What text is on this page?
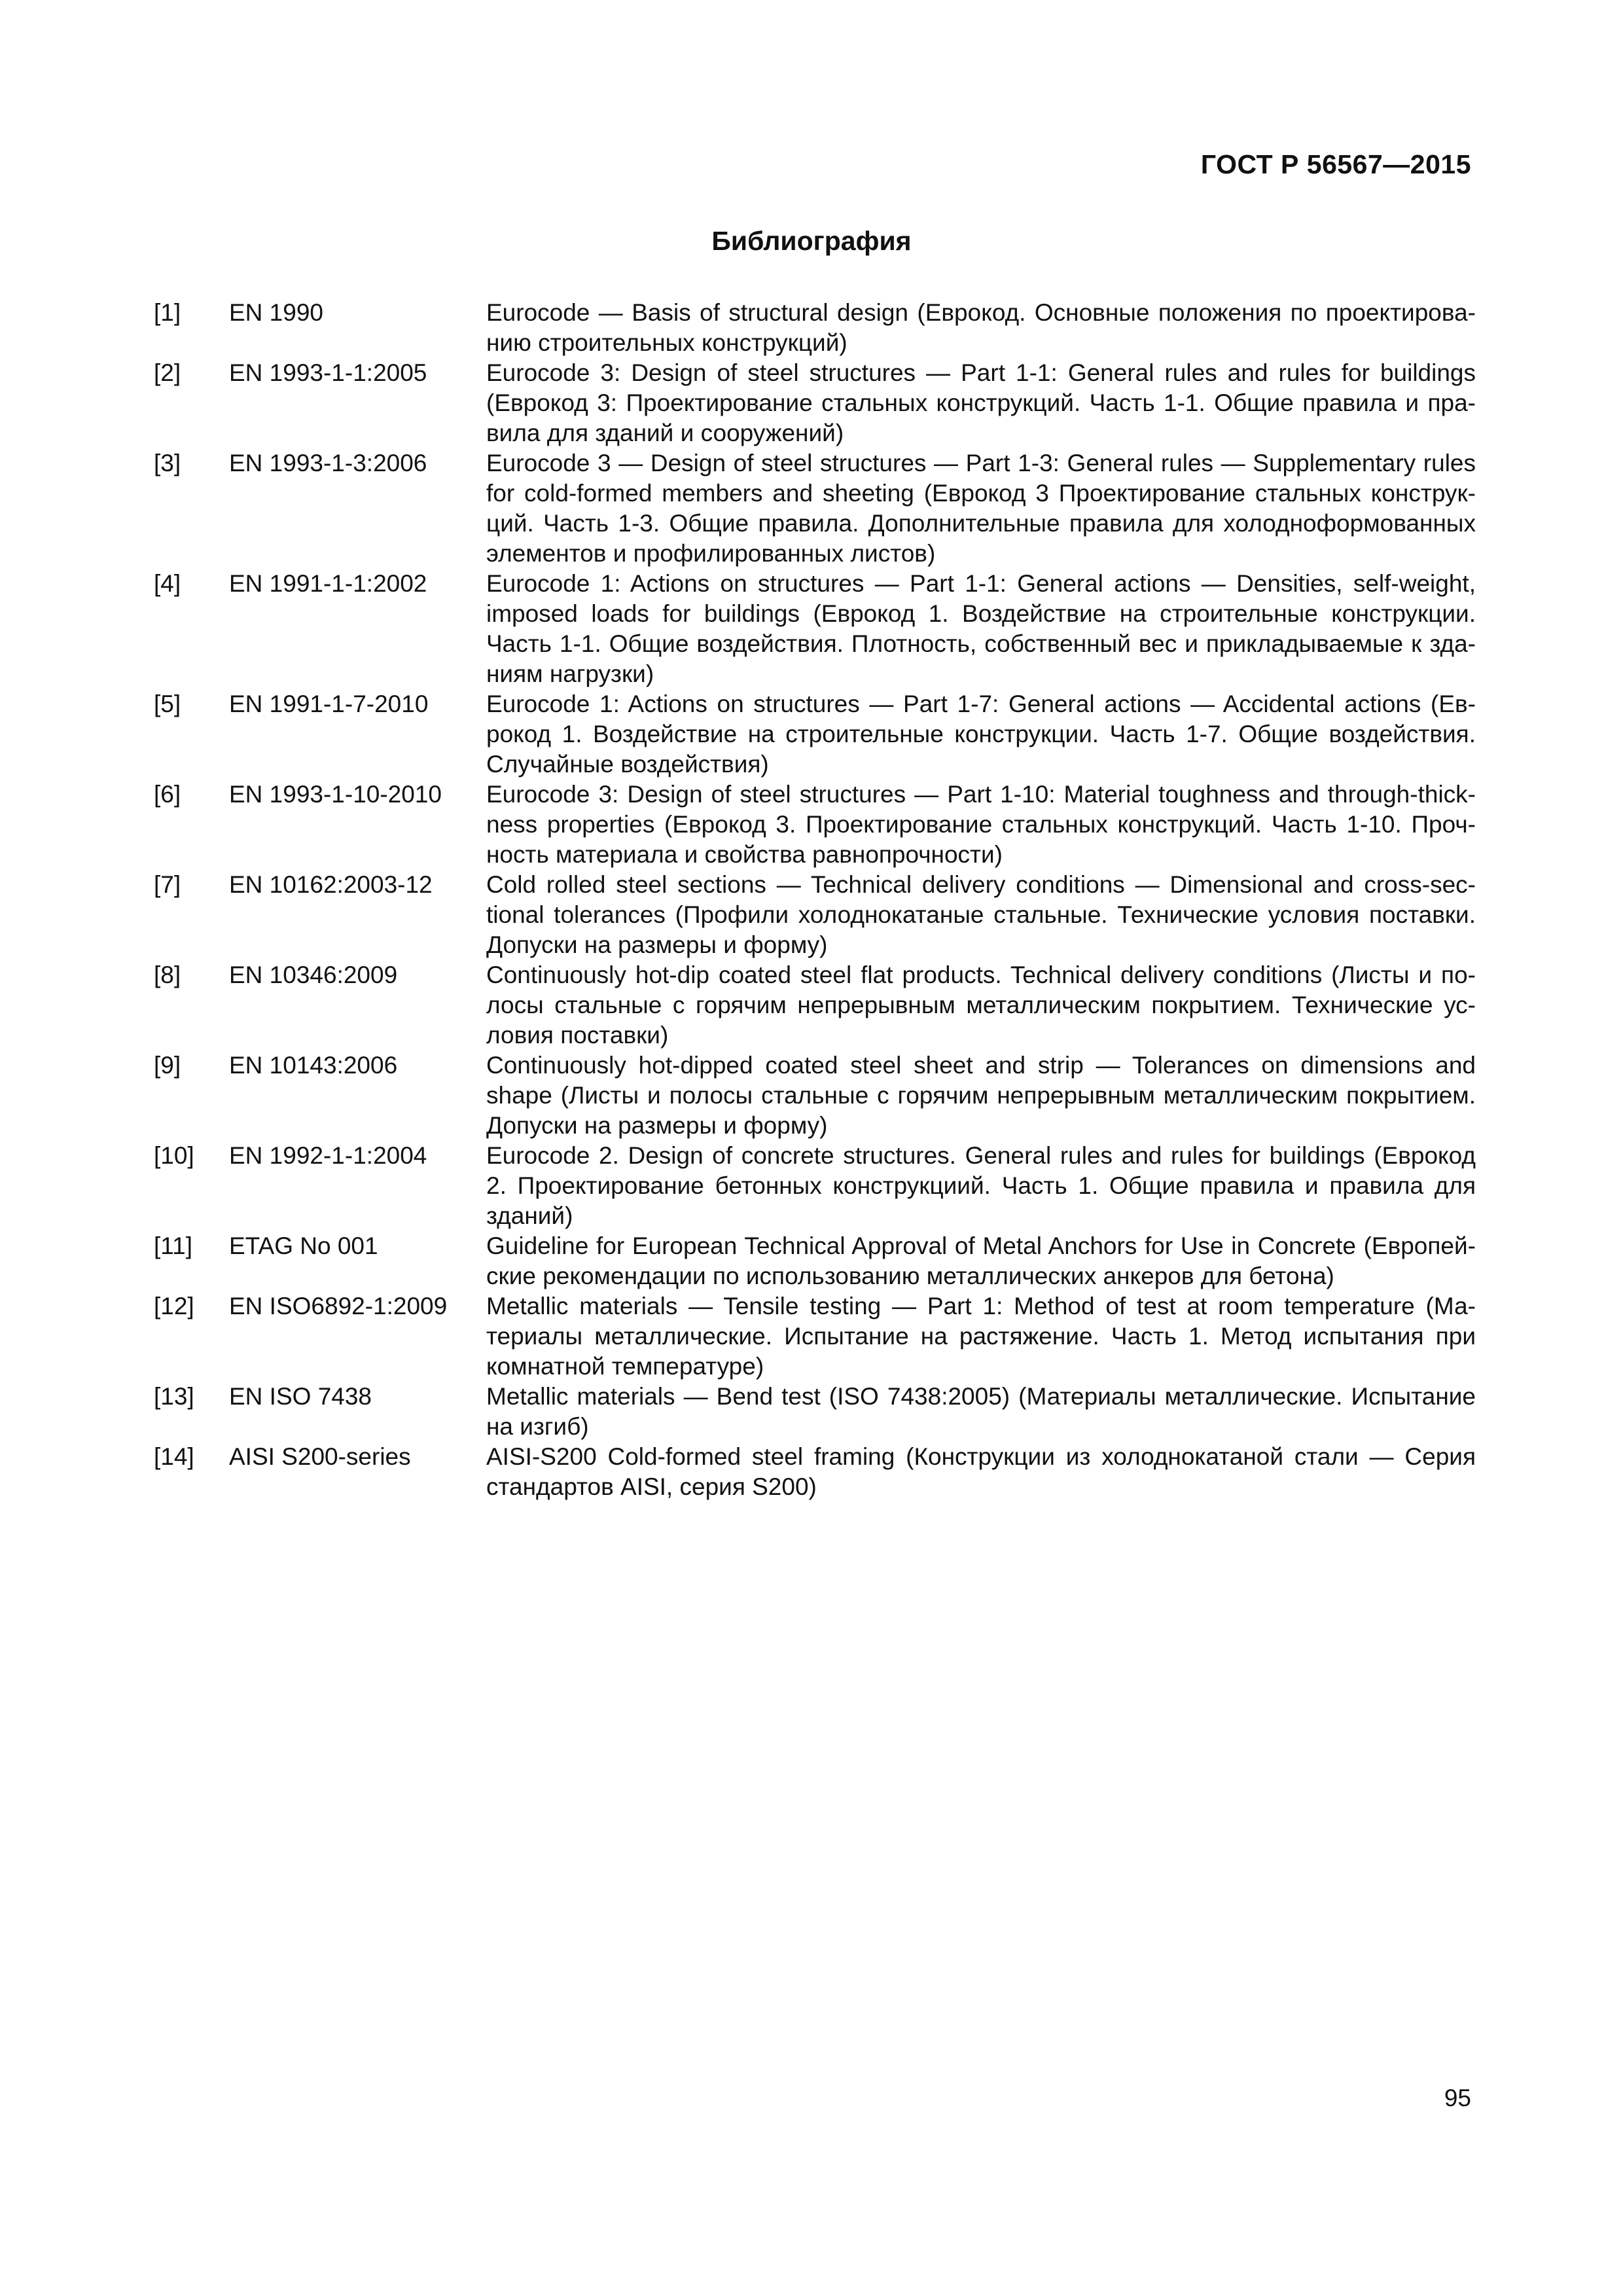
ГОСТ Р 56567—2015
Библиография
[1]	EN 1990	Eurocode — Basis of structural design (Еврокод. Основные положения по проектированию строительных конструкций)
[2]	EN 1993-1-1:2005	Eurocode 3: Design of steel structures — Part 1-1: General rules and rules for buildings (Еврокод 3: Проектирование стальных конструкций. Часть 1-1. Общие правила и правила для зданий и сооружений)
[3]	EN 1993-1-3:2006	Eurocode 3 — Design of steel structures — Part 1-3: General rules — Supplementary rules for cold-formed members and sheeting (Еврокод 3 Проектирование стальных конструкций. Часть 1-3. Общие правила. Дополнительные правила для холодноформованных элементов и профилированных листов)
[4]	EN 1991-1-1:2002	Eurocode 1: Actions on structures — Part 1-1: General actions — Densities, self-weight, imposed loads for buildings (Еврокод 1. Воздействие на строительные конструкции. Часть 1-1. Общие воздействия. Плотность, собственный вес и прикладываемые к зданиям нагрузки)
[5]	EN 1991-1-7-2010	Eurocode 1: Actions on structures — Part 1-7: General actions — Accidental actions (Еврокод 1. Воздействие на строительные конструкции. Часть 1-7. Общие воздействия. Случайные воздействия)
[6]	EN 1993-1-10-2010	Eurocode 3: Design of steel structures — Part 1-10: Material toughness and through-thickness properties (Еврокод 3. Проектирование стальных конструкций. Часть 1-10. Прочность материала и свойства равнопрочности)
[7]	EN 10162:2003-12	Cold rolled steel sections — Technical delivery conditions — Dimensional and cross-sectional tolerances (Профили холоднокатаные стальные. Технические условия поставки. Допуски на размеры и форму)
[8]	EN 10346:2009	Continuously hot-dip coated steel flat products. Technical delivery conditions (Листы и полосы стальные с горячим непрерывным металлическим покрытием. Технические условия поставки)
[9]	EN 10143:2006	Continuously hot-dipped coated steel sheet and strip — Tolerances on dimensions and shape (Листы и полосы стальные с горячим непрерывным металлическим покрытием. Допуски на размеры и форму)
[10]	EN 1992-1-1:2004	Eurocode 2. Design of concrete structures. General rules and rules for buildings (Еврокод 2. Проектирование бетонных конструкциий. Часть 1. Общие правила и правила для зданий)
[11]	ETAG No 001	Guideline for European Technical Approval of Metal Anchors for Use in Concrete (Европейские рекомендации по использованию металлических анкеров для бетона)
[12]	EN ISO6892-1:2009	Metallic materials — Tensile testing — Part 1: Method of test at room temperature (Материалы металлические. Испытание на растяжение. Часть 1. Метод испытания при комнатной температуре)
[13]	EN ISO 7438	Metallic materials — Bend test (ISO 7438:2005) (Материалы металлические. Испытание на изгиб)
[14]	AISI S200-series	AISI-S200 Cold-formed steel framing (Конструкции из холоднокатаной стали — Серия стандартов AISI, серия S200)
95
